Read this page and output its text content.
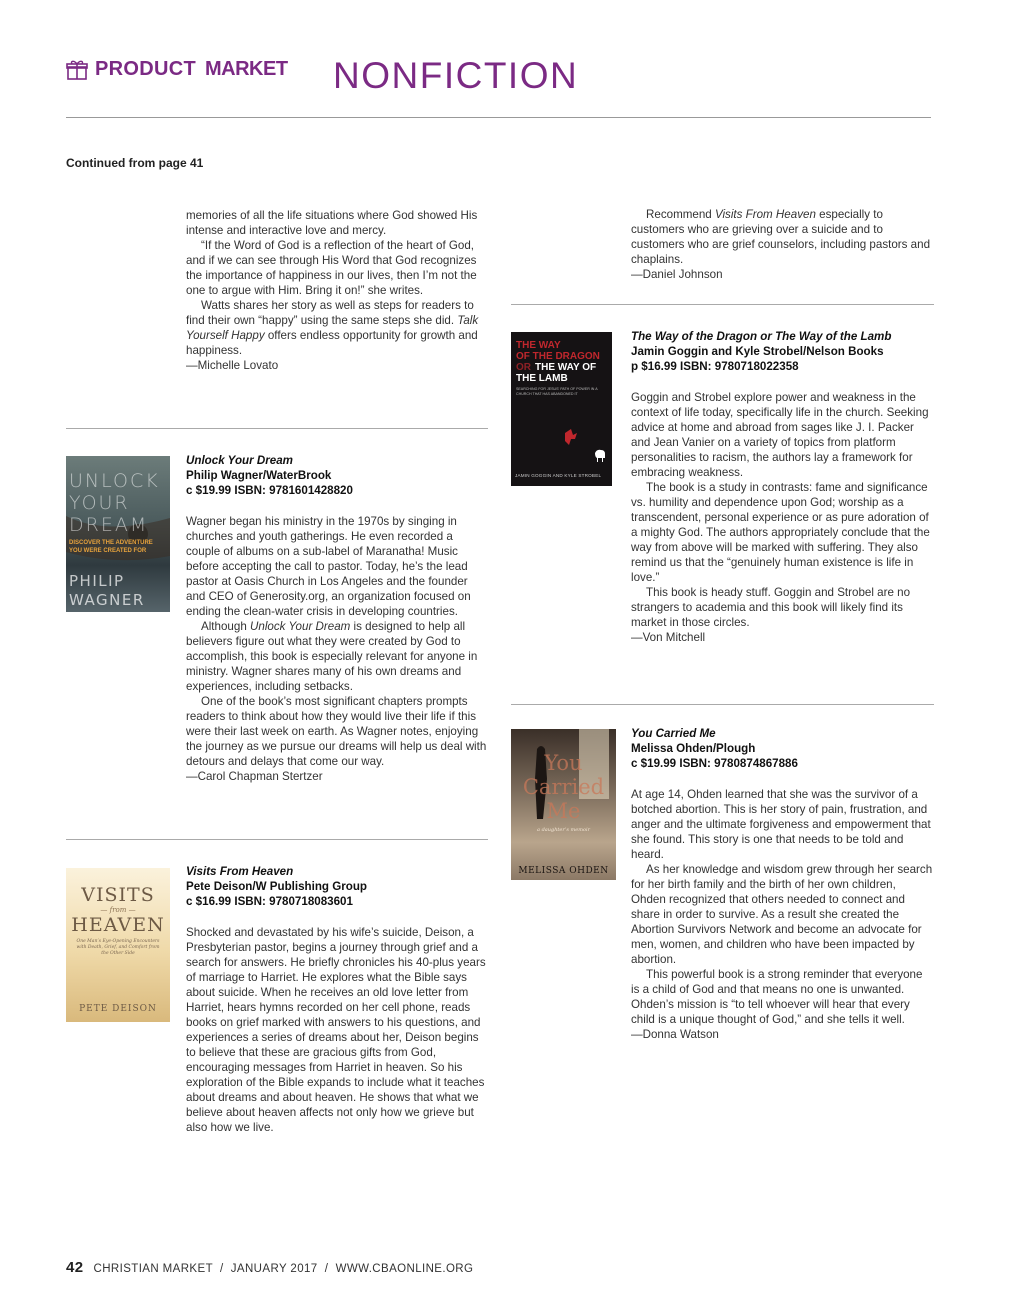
PRODUCT MARKET NONFICTION
Continued from page 41

memories of all the life situations where God showed His intense and interactive love and mercy.

“If the Word of God is a reflection of the heart of God, and if we can see through His Word that God recognizes the importance of happiness in our lives, then I’m not the one to argue with Him. Bring it on!” she writes.

Watts shares her story as well as steps for readers to find their own “happy” using the same steps she did. Talk Yourself Happy offers endless opportunity for growth and happiness.

—Michelle Lovato

UNLOCK
YOUR
DREAM
DISCOVER THE ADVENTURE YOU WERE CREATED FOR
PHILIP
WAGNER
Unlock Your Dream
Philip Wagner/WaterBrook
c $19.99 ISBN: 9781601428820

Wagner began his ministry in the 1970s by singing in churches and youth gatherings. He even recorded a couple of albums on a sub-label of Maranatha! Music before accepting the call to pastor. Today, he’s the lead pastor at Oasis Church in Los Angeles and the founder and CEO of Generosity.org, an organization focused on ending the clean-water crisis in developing countries.

Although Unlock Your Dream is designed to help all believers figure out what they were created by God to accomplish, this book is especially relevant for anyone in ministry. Wagner shares many of his own dreams and experiences, including setbacks.

One of the book’s most significant chapters prompts readers to think about how they would live their life if this were their last week on earth. As Wagner notes, enjoying the journey as we pursue our dreams will help us deal with detours and delays that come our way.

—Carol Chapman Stertzer

VISITS
— from —
HEAVEN
One Man’s Eye-Opening Encounters with Death, Grief, and Comfort from the Other Side
PETE DEISON
Visits From Heaven
Pete Deison/W Publishing Group
c $16.99 ISBN: 9780718083601

Shocked and devastated by his wife’s suicide, Deison, a Presbyterian pastor, begins a journey through grief and a search for answers. He briefly chronicles his 40-plus years of marriage to Harriet. He explores what the Bible says about suicide. When he receives an old love letter from Harriet, hears hymns recorded on her cell phone, reads books on grief marked with answers to his questions, and experiences a series of dreams about her, Deison begins to believe that these are gracious gifts from God, encouraging messages from Harriet in heaven. So his exploration of the Bible expands to include what it teaches about dreams and about heaven. He shows that what we believe about heaven affects not only how we grieve but also how we live.

Recommend Visits From Heaven especially to customers who are grieving over a suicide and to customers who are grief counselors, including pastors and chaplains.

—Daniel Johnson

THE WAY
OF THE DRAGON
OR THE WAY OF
THE LAMB
SEARCHING FOR JESUS’ PATH OF POWER IN A CHURCH THAT HAS ABANDONED IT
JAMIN GOGGIN AND KYLE STROBEL
The Way of the Dragon or The Way of the Lamb
Jamin Goggin and Kyle Strobel/Nelson Books
p $16.99 ISBN: 9780718022358

Goggin and Strobel explore power and weakness in the context of life today, specifically life in the church. Seeking advice at home and abroad from sages like J. I. Packer and Jean Vanier on a variety of topics from platform personalities to racism, the authors lay a framework for embracing weakness.

The book is a study in contrasts: fame and significance vs. humility and dependence upon God; worship as a transcendent, personal experience or as pure adoration of a mighty God. The authors appropriately conclude that the way from above will be marked with suffering. They also remind us that the “genuinely human existence is life in love.”

This book is heady stuff. Goggin and Strobel are no strangers to academia and this book will likely find its market in those circles.

—Von Mitchell

You
Carried
Me
a daughter’s memoir
MELISSA OHDEN
You Carried Me
Melissa Ohden/Plough
c $19.99 ISBN: 9780874867886

At age 14, Ohden learned that she was the survivor of a botched abortion. This is her story of pain, frustration, and anger and the ultimate forgiveness and empowerment that she found. This story is one that needs to be told and heard.

As her knowledge and wisdom grew through her search for her birth family and the birth of her own children, Ohden recognized that others needed to connect and share in order to survive. As a result she created the Abortion Survivors Network and become an advocate for men, women, and children who have been impacted by abortion.

This powerful book is a strong reminder that everyone is a child of God and that means no one is unwanted. Ohden’s mission is “to tell whoever will hear that every child is a unique thought of God,” and she tells it well.

—Donna Watson

42 CHRISTIAN MARKET  /  JANUARY 2017  /  WWW.CBAONLINE.ORG
